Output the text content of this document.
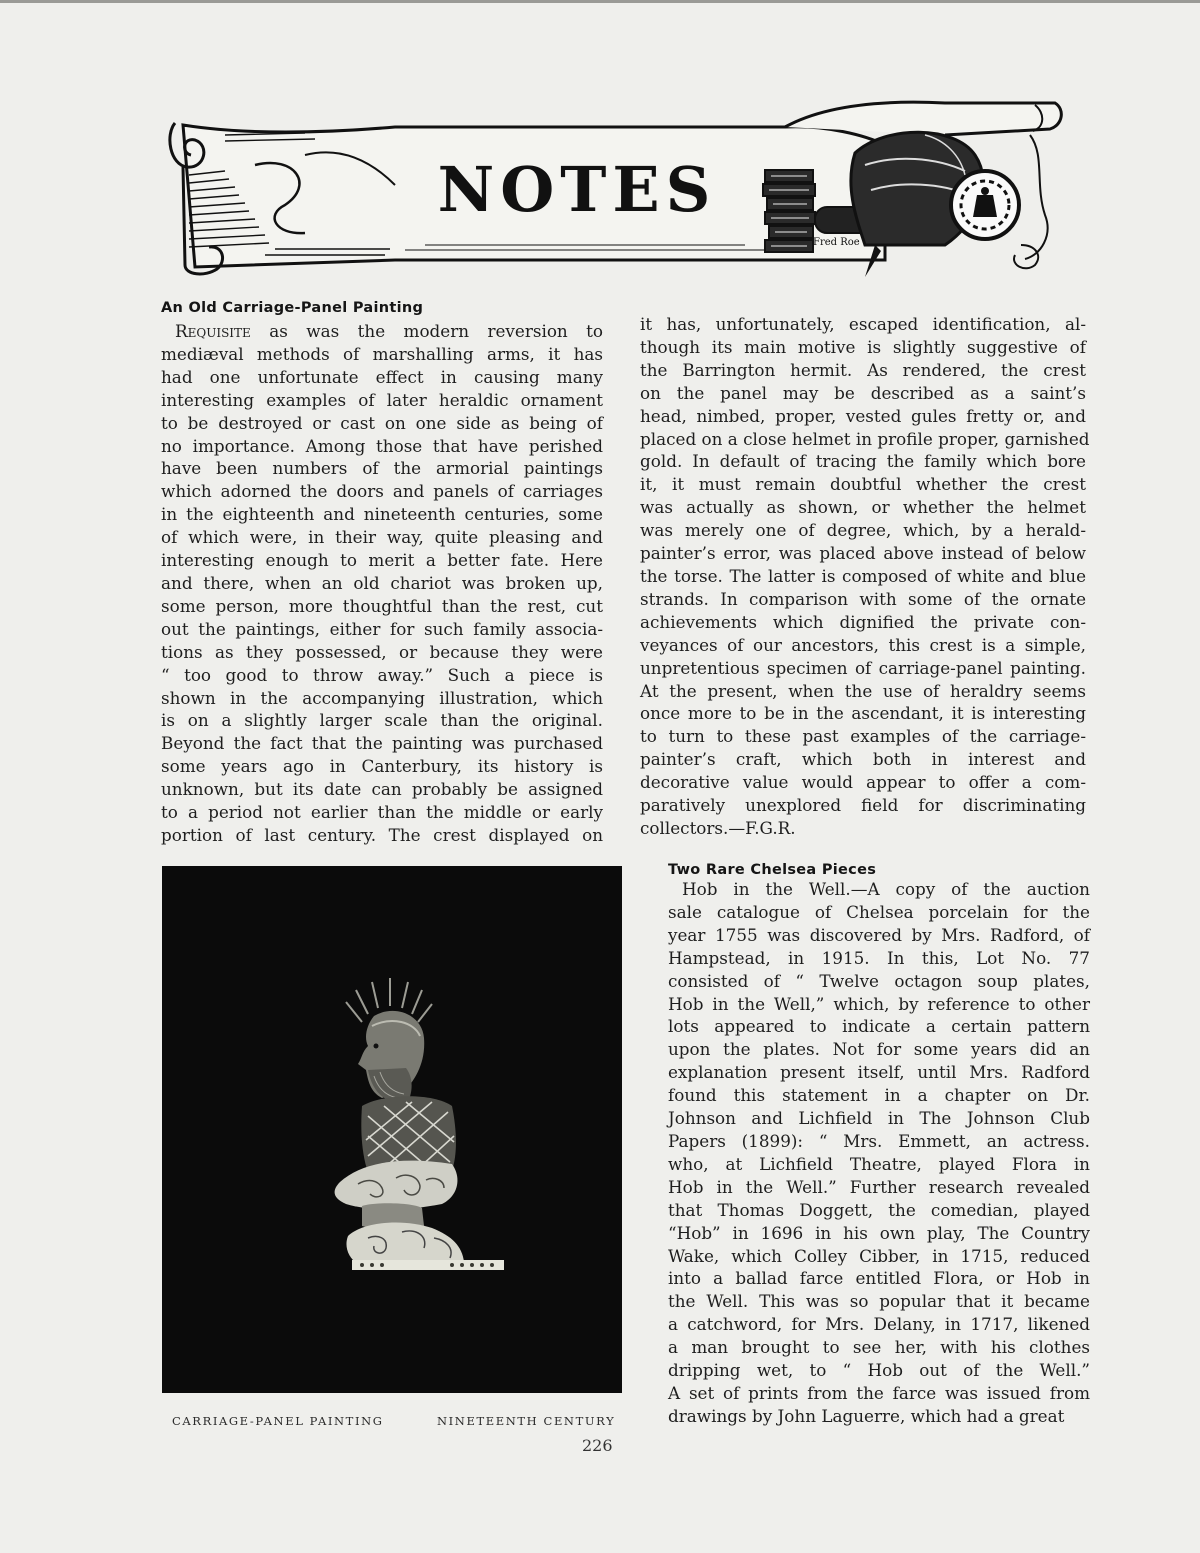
Fred Roe
NOTES
An Old Carriage-Panel Painting
Requisite as was the modern reversion to
mediæval methods of marshalling arms, it has
had one unfortunate effect in causing many
interesting examples of later heraldic ornament
to be destroyed or cast on one side as being of
no importance. Among those that have perished
have been numbers of the armorial paintings
which adorned the doors and panels of carriages
in the eighteenth and nineteenth centuries, some
of which were, in their way, quite pleasing and
interesting enough to merit a better fate. Here
and there, when an old chariot was broken up,
some person, more thoughtful than the rest, cut
out the paintings, either for such family associa-
tions as they possessed, or because they were
“ too good to throw away.” Such a piece is
shown in the accompanying illustration, which
is on a slightly larger scale than the original.
Beyond the fact that the painting was purchased
some years ago in Canterbury, its history is
unknown, but its date can probably be assigned
to a period not earlier than the middle or early
portion of last century. The crest displayed on
it has, unfortunately, escaped identification, al-
though its main motive is slightly suggestive of
the Barrington hermit. As rendered, the crest
on the panel may be described as a saint’s
head, nimbed, proper, vested gules fretty or, and
placed on a close helmet in profile proper, garnished
gold. In default of tracing the family which bore
it, it must remain doubtful whether the crest
was actually as shown, or whether the helmet
was merely one of degree, which, by a herald-
painter’s error, was placed above instead of below
the torse. The latter is composed of white and blue
strands. In comparison with some of the ornate
achievements which dignified the private con-
veyances of our ancestors, this crest is a simple,
unpretentious specimen of carriage-panel painting.
At the present, when the use of heraldry seems
once more to be in the ascendant, it is interesting
to turn to these past examples of the carriage-
painter’s craft, which both in interest and
decorative value would appear to offer a com-
paratively unexplored field for discriminating
collectors.—F.G.R.
Two Rare Chelsea Pieces
Hob in the Well.—A copy of the auction
sale catalogue of Chelsea porcelain for the
year 1755 was discovered by Mrs. Radford, of
Hampstead, in 1915. In this, Lot No. 77
consisted of “ Twelve octagon soup plates,
Hob in the Well,” which, by reference to other
lots appeared to indicate a certain pattern
upon the plates. Not for some years did an
explanation present itself, until Mrs. Radford
found this statement in a chapter on Dr.
Johnson and Lichfield in The Johnson Club
Papers (1899): “ Mrs. Emmett, an actress.
who, at Lichfield Theatre, played Flora in
Hob in the Well.” Further research revealed
that Thomas Doggett, the comedian, played
“Hob” in 1696 in his own play, The Country
Wake, which Colley Cibber, in 1715, reduced
into a ballad farce entitled Flora, or Hob in
the Well. This was so popular that it became
a catchword, for Mrs. Delany, in 1717, likened
a man brought to see her, with his clothes
dripping wet, to “ Hob out of the Well.”
A set of prints from the farce was issued from
drawings by John Laguerre, which had a great
CARRIAGE-PANEL PAINTING	NINETEENTH CENTURY
226
